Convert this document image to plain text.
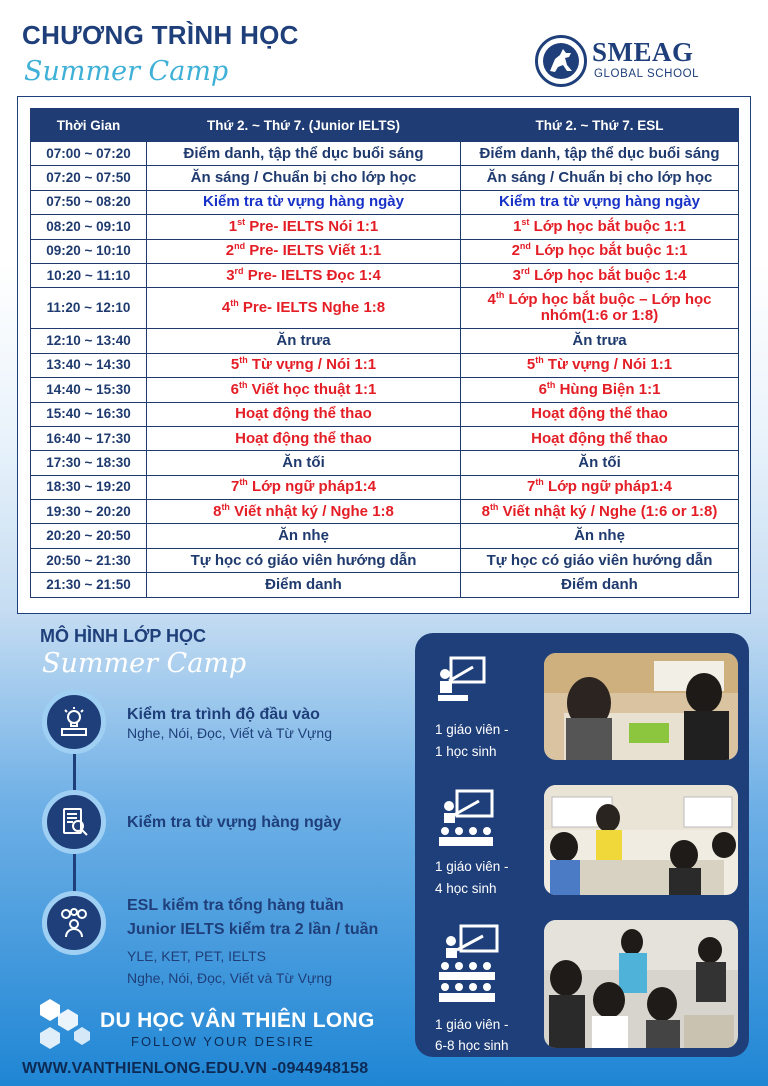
CHƯƠNG TRÌNH HỌC
Summer Camp
SMEAG
GLOBAL SCHOOL
Thời Gian	Thứ 2. ~ Thứ 7. (Junior IELTS)	Thứ 2. ~ Thứ 7. ESL
07:00 ~ 07:20	Điểm danh, tập thể dục buổi sáng	Điểm danh, tập thể dục buổi sáng
07:20 ~ 07:50	Ăn sáng / Chuẩn bị cho lớp học	Ăn sáng / Chuẩn bị cho lớp học
07:50 ~ 08:20	Kiểm tra từ vựng hàng ngày	Kiểm tra từ vựng hàng ngày
08:20 ~ 09:10	1st Pre- IELTS Nói 1:1	1st Lớp học bắt buộc 1:1
09:20 ~ 10:10	2nd Pre- IELTS Viết 1:1	2nd Lớp học bắt buộc 1:1
10:20 ~ 11:10	3rd Pre- IELTS Đọc 1:4	3rd Lớp học bắt buộc 1:4
11:20 ~ 12:10	4th Pre- IELTS Nghe 1:8	4th Lớp học bắt buộc – Lớp học nhóm(1:6 or 1:8)
12:10 ~ 13:40	Ăn trưa	Ăn trưa
13:40 ~ 14:30	5th Từ vựng / Nói 1:1	5th Từ vựng / Nói 1:1
14:40 ~ 15:30	6th Viết học thuật 1:1	6th Hùng Biện 1:1
15:40 ~ 16:30	Hoạt động thể thao	Hoạt động thể thao
16:40 ~ 17:30	Hoạt động thể thao	Hoạt động thể thao
17:30 ~ 18:30	Ăn tối	Ăn tối
18:30 ~ 19:20	7th Lớp ngữ pháp1:4	7th Lớp ngữ pháp1:4
19:30 ~ 20:20	8th Viết nhật ký / Nghe 1:8	8th Viết nhật ký / Nghe (1:6 or 1:8)
20:20 ~ 20:50	Ăn nhẹ	Ăn nhẹ
20:50 ~ 21:30	Tự học có giáo viên hướng dẫn	Tự học có giáo viên hướng dẫn
21:30 ~ 21:50	Điểm danh	Điểm danh
MÔ HÌNH LỚP HỌC
Summer Camp
Kiểm tra trình độ đầu vào
Nghe, Nói, Đọc, Viết và Từ Vựng
Kiểm tra từ vựng hàng ngày
ESL kiểm tra tổng hàng tuần
Junior IELTS kiểm tra 2 lần / tuần
YLE, KET, PET, IELTS
Nghe, Nói, Đọc, Viết và Từ Vựng
1 giáo viên -
1 học sinh
1 giáo viên -
4 học sinh
1 giáo viên -
6-8 học sinh
DU HỌC VÂN THIÊN LONG
FOLLOW YOUR DESIRE
WWW.VANTHIENLONG.EDU.VN -0944948158
